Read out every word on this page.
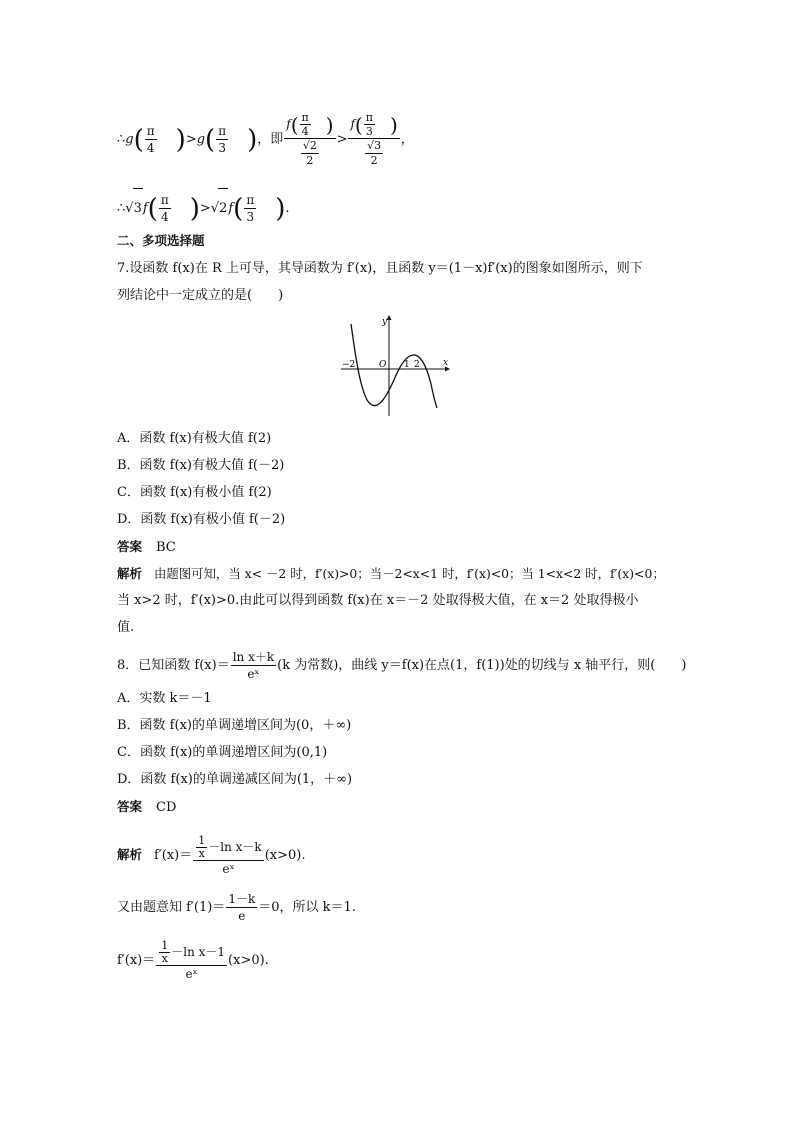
∴g( $\frac{\pi}{4} )>g( \frac{\pi}{3}$ )，即 $\frac{f( \frac{\pi}{4} )}{\frac{√2}{2}} > \frac{f( \frac{\pi}{3} )}{\frac{√3}{2}}$ ，
∴√3f( $\frac{\pi}{4} )>√2f( \frac{\pi}{3}$ ).
二、多项选择题
7.设函数 f(x)在 R 上可导，其导函数为 f′(x)，且函数 y＝(1－x)f′(x)的图象如图所示，则下
列结论中一定成立的是(　　)
y
x
O
−2	1 2
A．函数 f(x)有极大值 f(2)
B．函数 f(x)有极大值 f(－2)
C．函数 f(x)有极小值 f(2)
D．函数 f(x)有极小值 f(－2)
答案 BC
解析 由题图可知，当 x< －2 时，f′(x)>0；当－2<x<1 时，f′(x)<0；当 1<x<2 时，f′(x)<0；
当 x>2 时，f′(x)>0.由此可以得到函数 f(x)在 x＝－2 处取得极大值，在 x＝2 处取得极小
值.
8．已知函数 $f(x)= \frac{\text{ln x＋k}}{\text{eˣ}} (k$ 为常数)，曲线 y＝f(x)在点(1，f(1))处的切线与 x 轴平行，则(　　)
A．实数 k＝－1
B．函数 f(x)的单调递增区间为(0，＋∞)
C．函数 f(x)的单调递增区间为(0,1)
D．函数 f(x)的单调递减区间为(1，＋∞)
答案 CD
解析 $f'(x)= \frac{\frac{1}{x} -\ln x-k}{\text{eˣ}} (x>0)$.
又由题意知 $f'(1)= \frac{1-k}{e} =0$，所以 k＝1.
$f'(x)= \frac{\frac{1}{x} -\ln x-1}{\text{eˣ}} (x>0)$.
